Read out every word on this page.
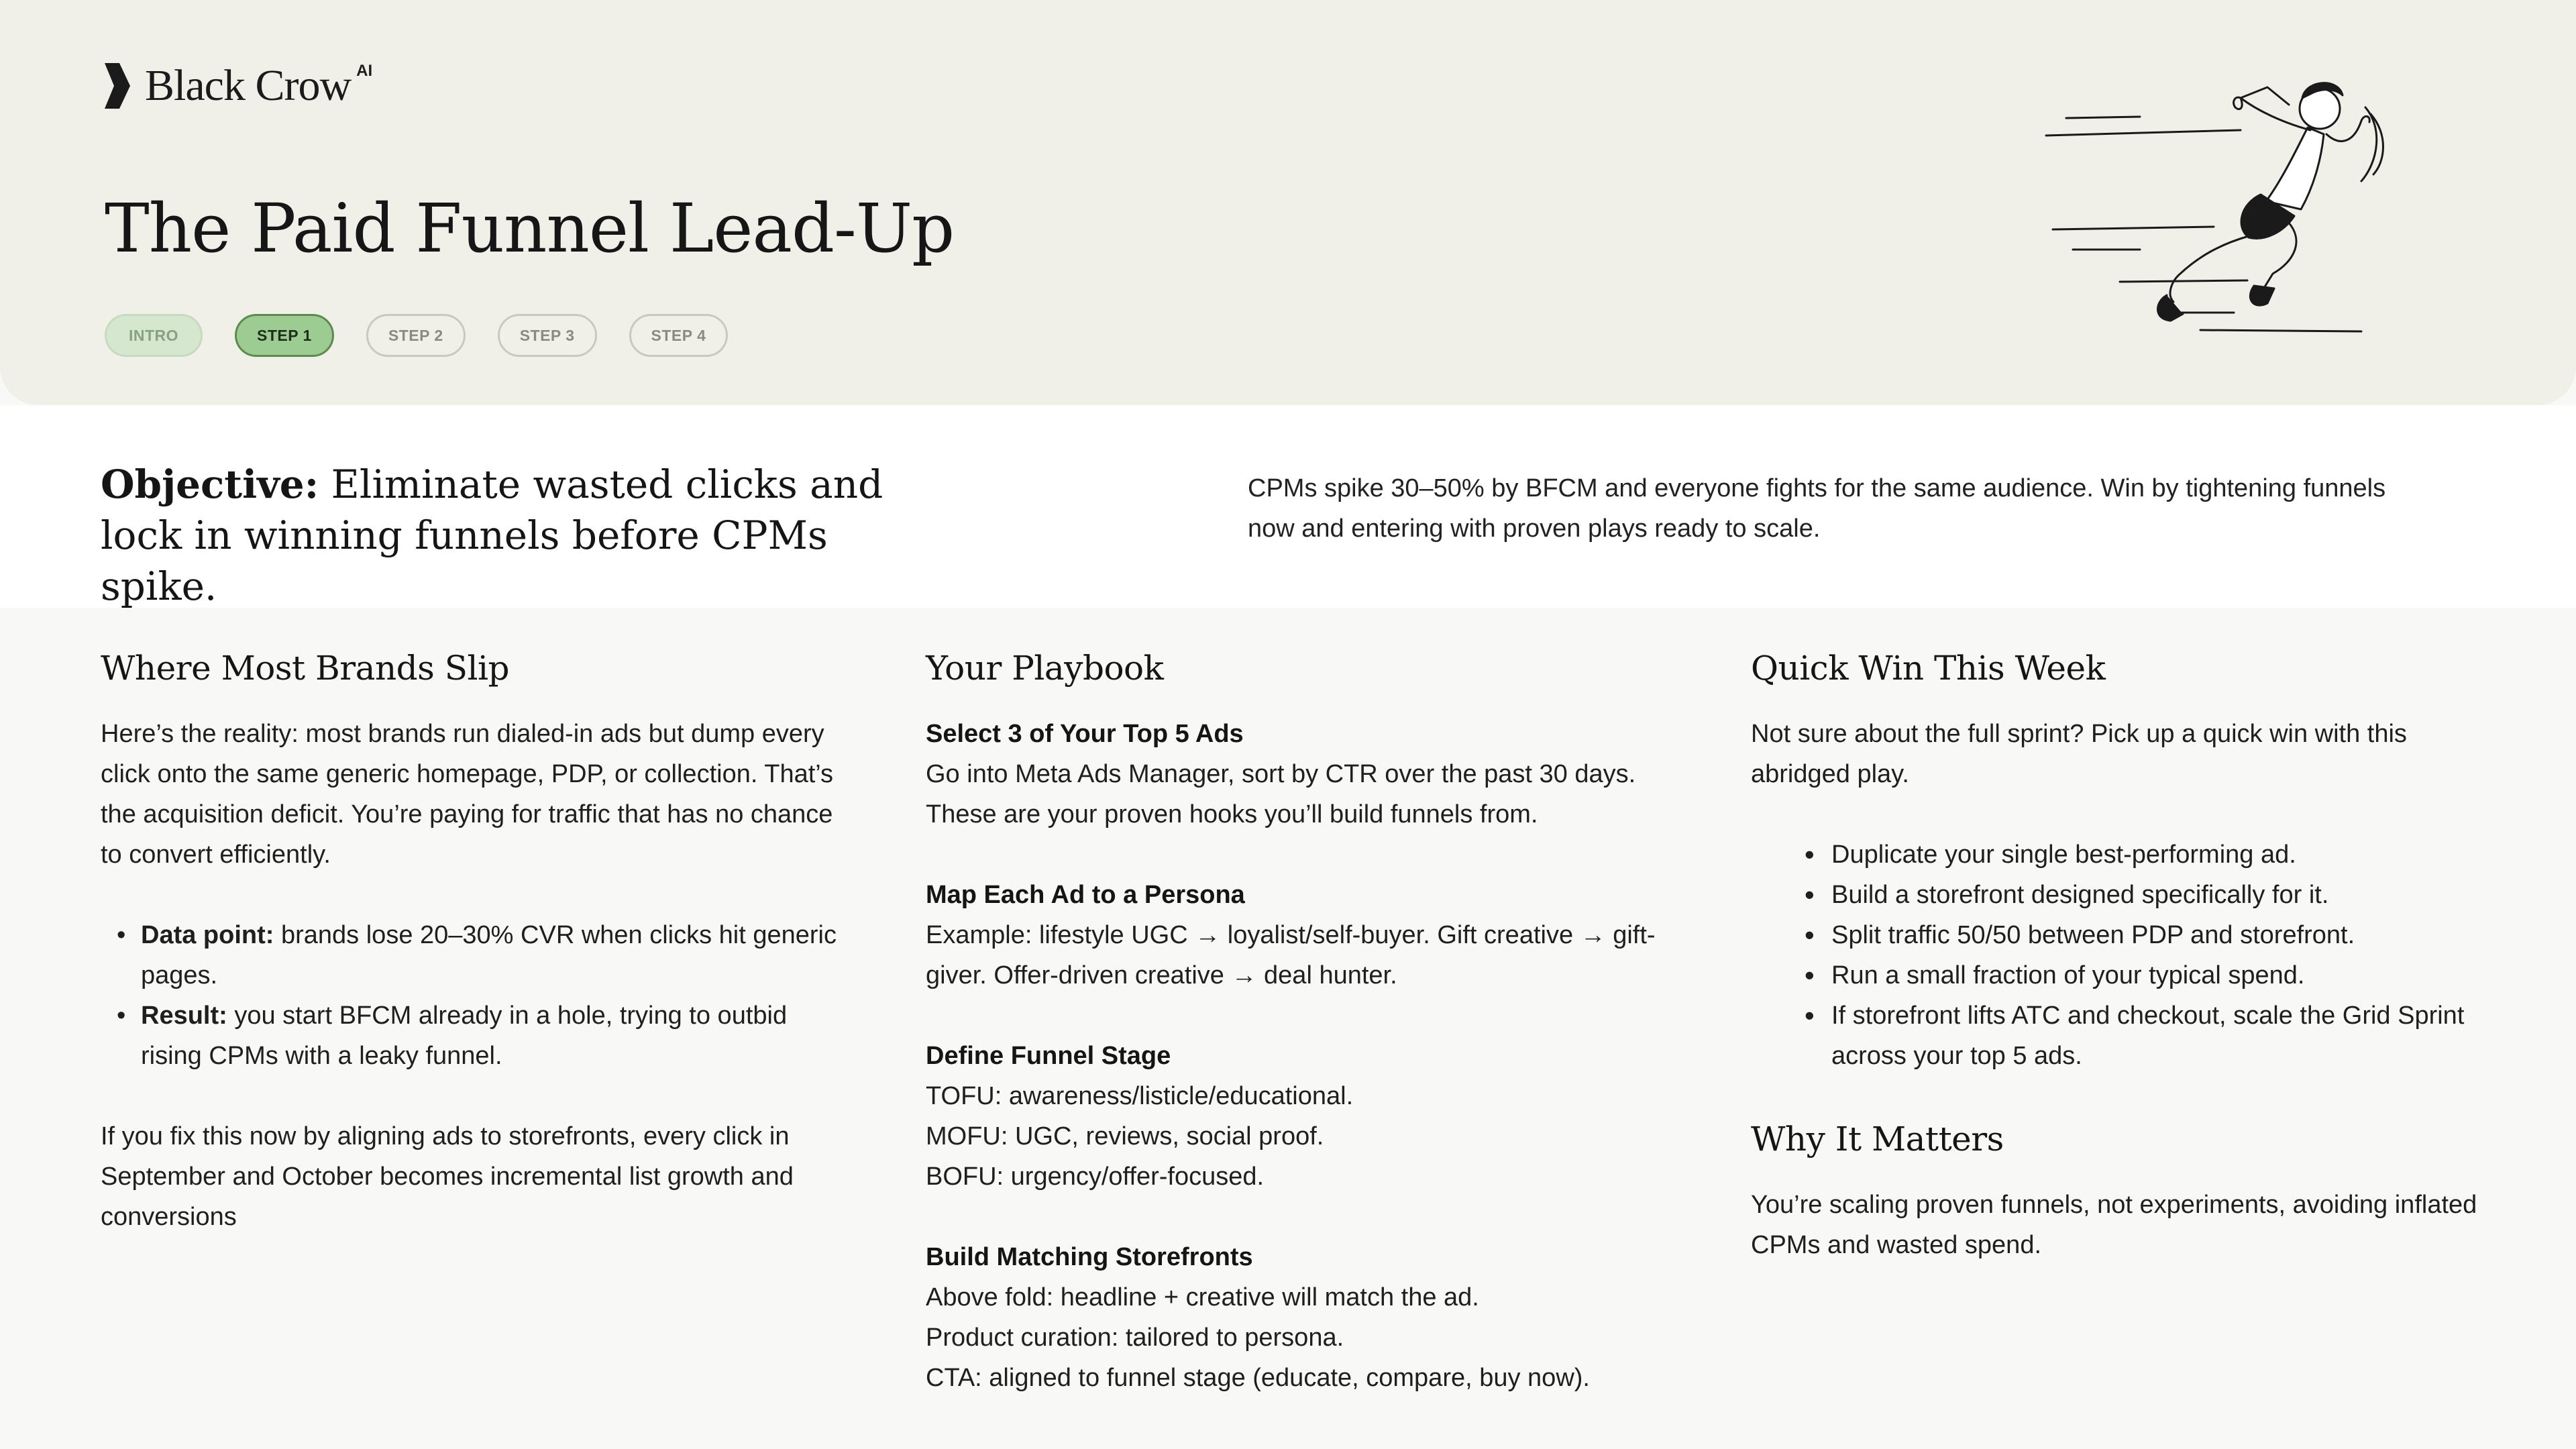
Black Crow AI
The Paid Funnel Lead-Up
INTRO	STEP 1	STEP 2	STEP 3	STEP 4

Objective: Eliminate wasted clicks and lock in winning funnels before CPMs spike.

CPMs spike 30–50% by BFCM and everyone fights for the same audience. Win by tightening funnels now and entering with proven plays ready to scale.

Where Most Brands Slip

Here’s the reality: most brands run dialed-in ads but dump every click onto the same generic homepage, PDP, or collection. That’s the acquisition deficit. You’re paying for traffic that has no chance to convert efficiently.

• Data point: brands lose 20–30% CVR when clicks hit generic pages.
• Result: you start BFCM already in a hole, trying to outbid rising CPMs with a leaky funnel.

If you fix this now by aligning ads to storefronts, every click in September and October becomes incremental list growth and conversions

Your Playbook
Select 3 of Your Top 5 Ads

Go into Meta Ads Manager, sort by CTR over the past 30 days. These are your proven hooks you’ll build funnels from.

Map Each Ad to a Persona

Example: lifestyle UGC → loyalist/self-buyer. Gift creative → gift-giver. Offer-driven creative → deal hunter.

Define Funnel Stage

TOFU: awareness/listicle/educational.

MOFU: UGC, reviews, social proof.

BOFU: urgency/offer-focused.

Build Matching Storefronts

Above fold: headline + creative will match the ad.

Product curation: tailored to persona.

CTA: aligned to funnel stage (educate, compare, buy now).

Quick Win This Week

Not sure about the full sprint? Pick up a quick win with this abridged play.

• Duplicate your single best-performing ad.
• Build a storefront designed specifically for it.
• Split traffic 50/50 between PDP and storefront.
• Run a small fraction of your typical spend.
• If storefront lifts ATC and checkout, scale the Grid Sprint across your top 5 ads.
Why It Matters

You’re scaling proven funnels, not experiments, avoiding inflated CPMs and wasted spend.
